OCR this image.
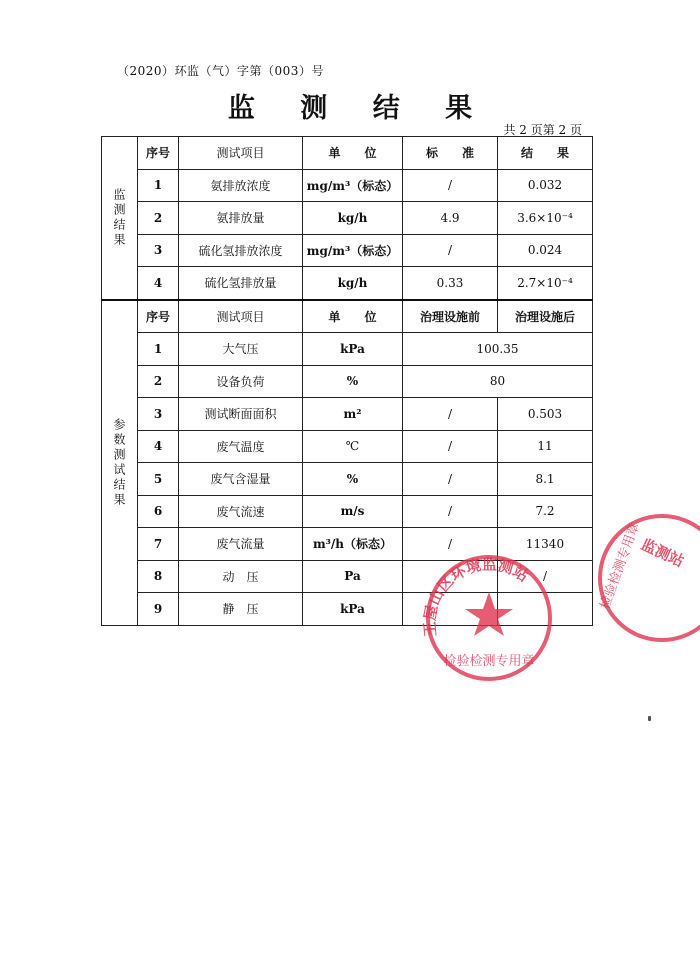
（2020）环监（气）字第（003）号
监 测 结 果
共 2 页第 2 页
监测结果	序号	测试项目	单　　位	标　　准	结　　果
	1	氨排放浓度	mg/m³（标态）	/	0.032
	2	氨排放量	kg/h	4.9	3.6×10⁻⁴
	3	硫化氢排放浓度	mg/m³（标态）	/	0.024
	4	硫化氢排放量	kg/h	0.33	2.7×10⁻⁴

参数测试结果	序号	测试项目	单　　位	治理设施前	治理设施后
	1	大气压	kPa	100.35	
	2	设备负荷	%	80	
	3	测试断面面积	m²	/	0.503
	4	废气温度	℃	/	11
	5	废气含湿量	%	/	8.1
	6	废气流速	m/s	/	7.2
	7	废气流量	m³/h（标态）	/	11340
	8	动　压	Pa		/
	9	静　压	kPa		
王屋山区环境监测站
检验检测专用章
监测站
检验检测专用章
